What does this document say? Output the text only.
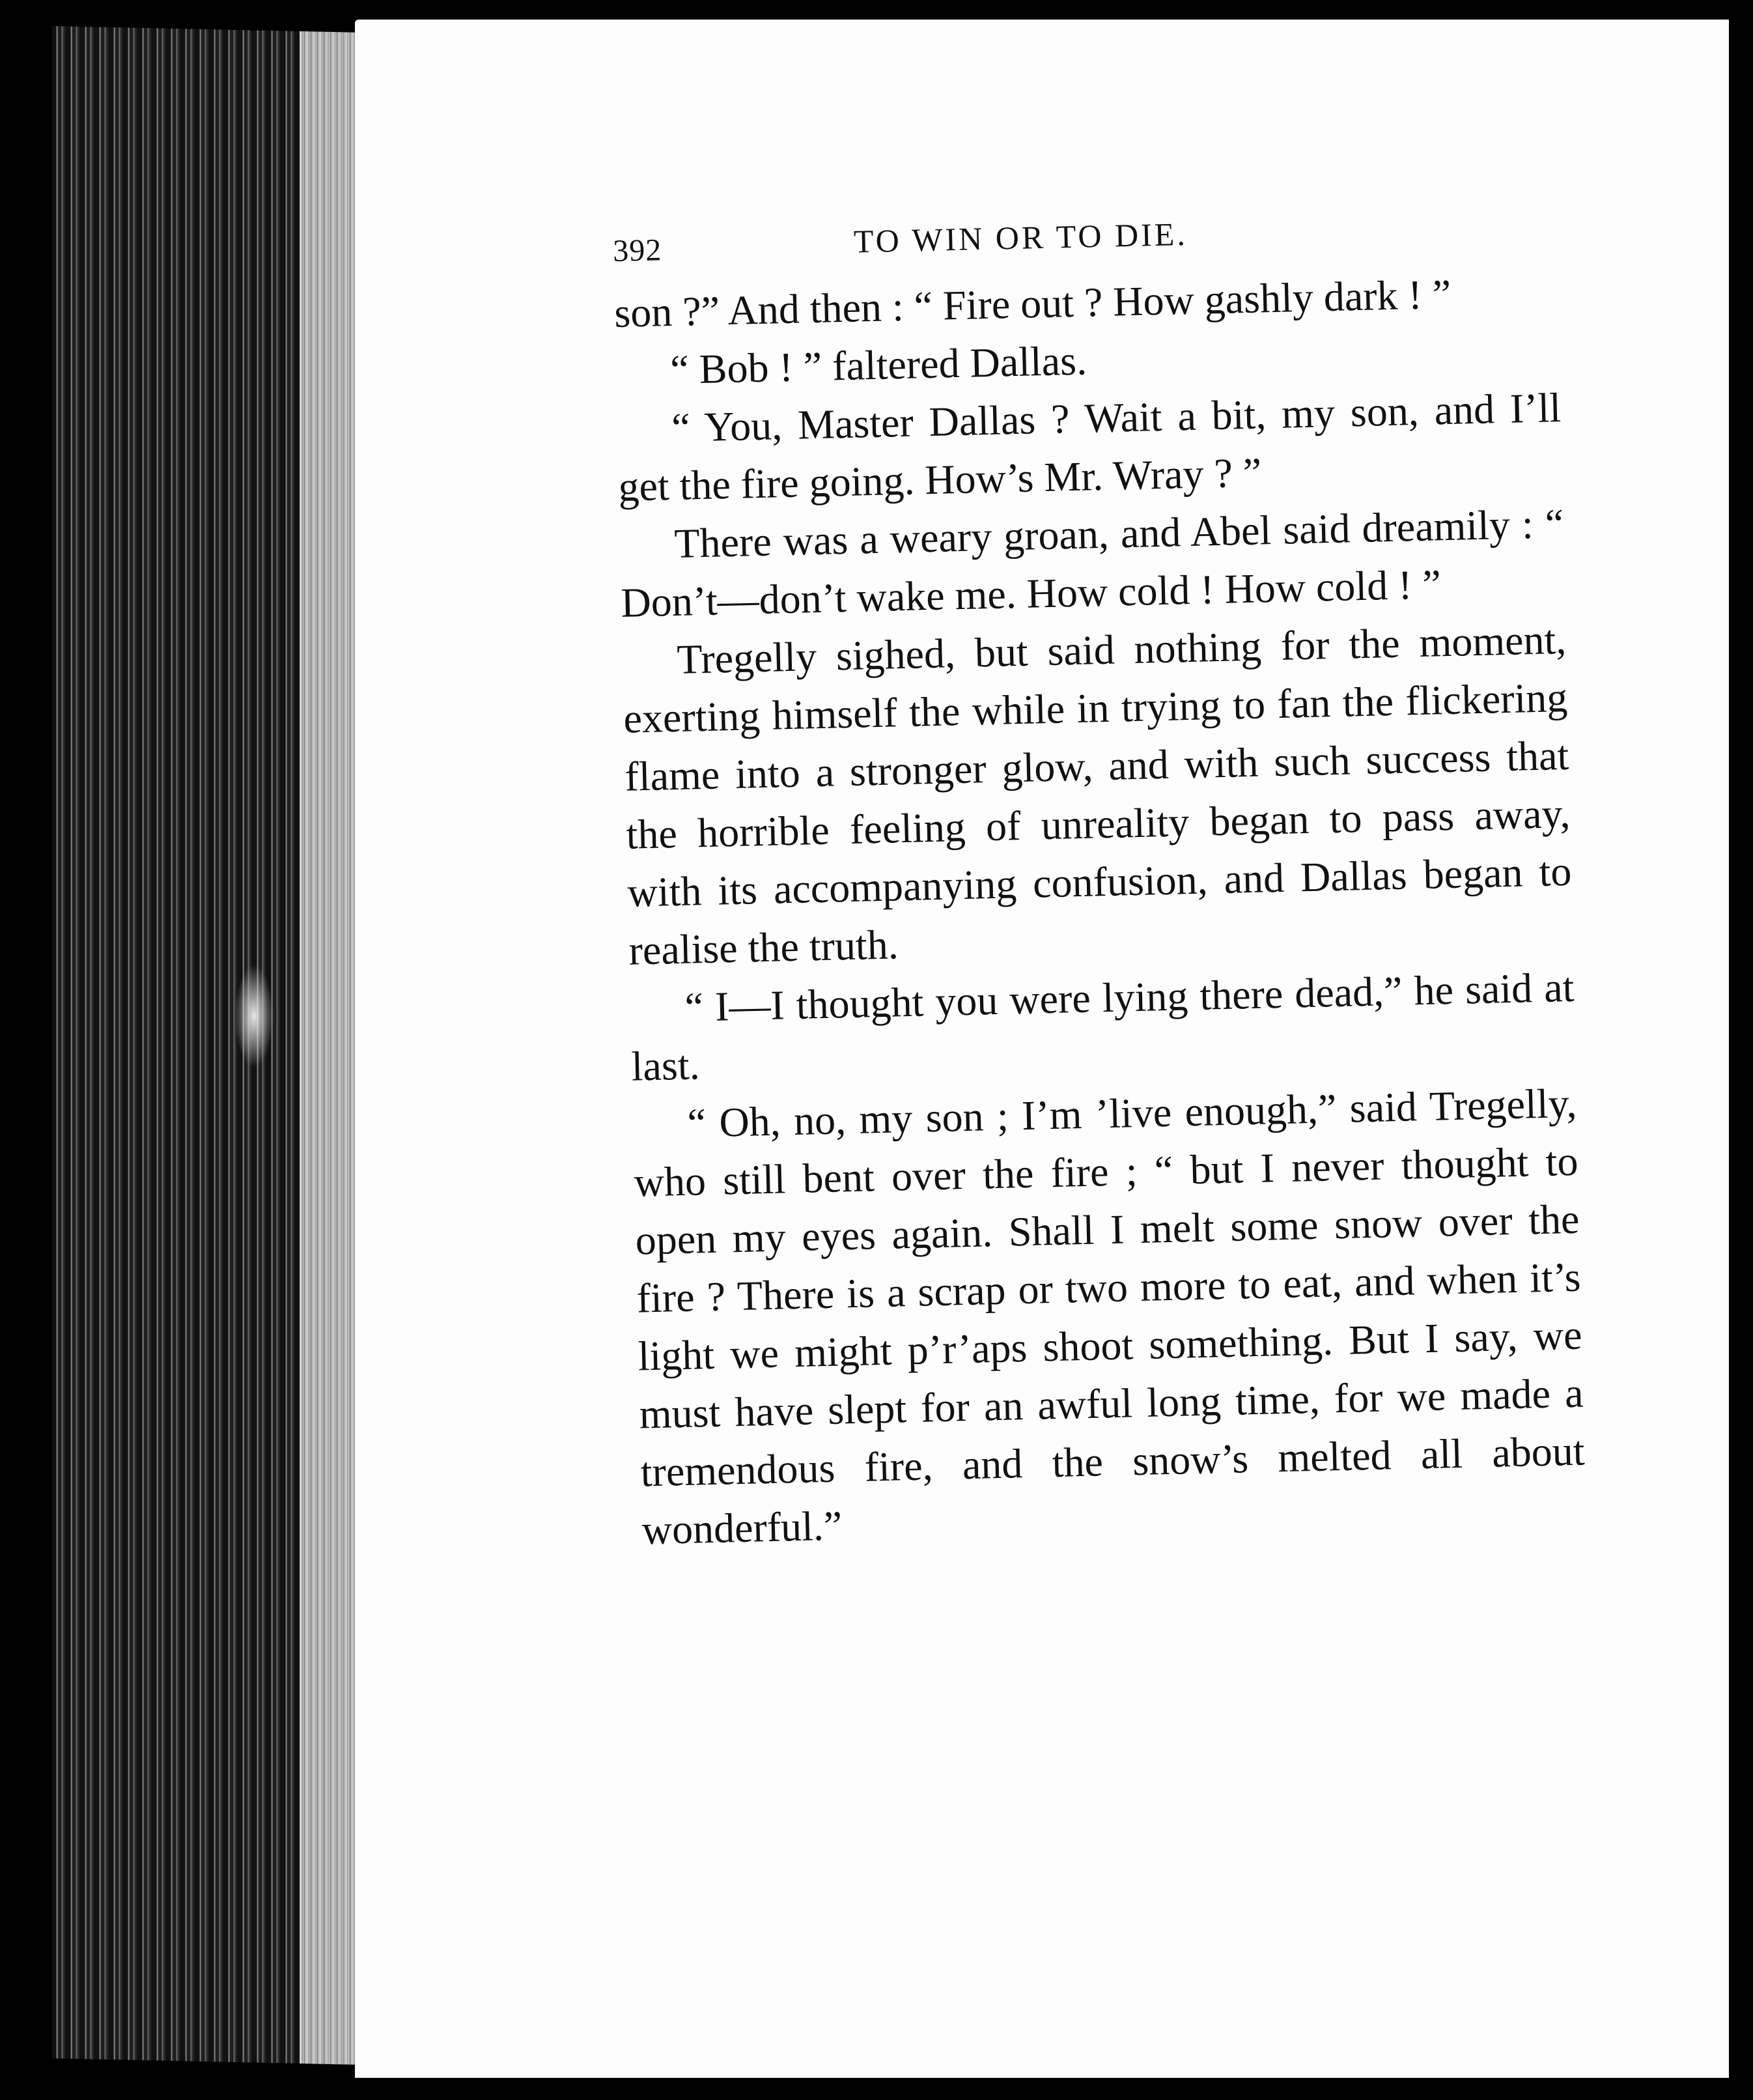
392	TO WIN OR TO DIE.

son ?” And then : “ Fire out ? How gashly dark ! ”

“ Bob ! ” faltered Dallas.

“ You, Master Dallas ? Wait a bit, my son, and I’ll get the fire going. How’s Mr. Wray ? ”

There was a weary groan, and Abel said dreamily : “ Don’t—don’t wake me. How cold ! How cold ! ”

Tregelly sighed, but said nothing for the moment, exerting himself the while in trying to fan the flickering flame into a stronger glow, and with such success that the horrible feeling of unreality began to pass away, with its accompanying confusion, and Dallas began to realise the truth.

“ I—I thought you were lying there dead,” he said at last.

“ Oh, no, my son ; I’m ’live enough,” said Tregelly, who still bent over the fire ; “ but I never thought to open my eyes again. Shall I melt some snow over the fire ? There is a scrap or two more to eat, and when it’s light we might p’r’aps shoot something. But I say, we must have slept for an awful long time, for we made a tremendous fire, and the snow’s melted all about wonderful.”
